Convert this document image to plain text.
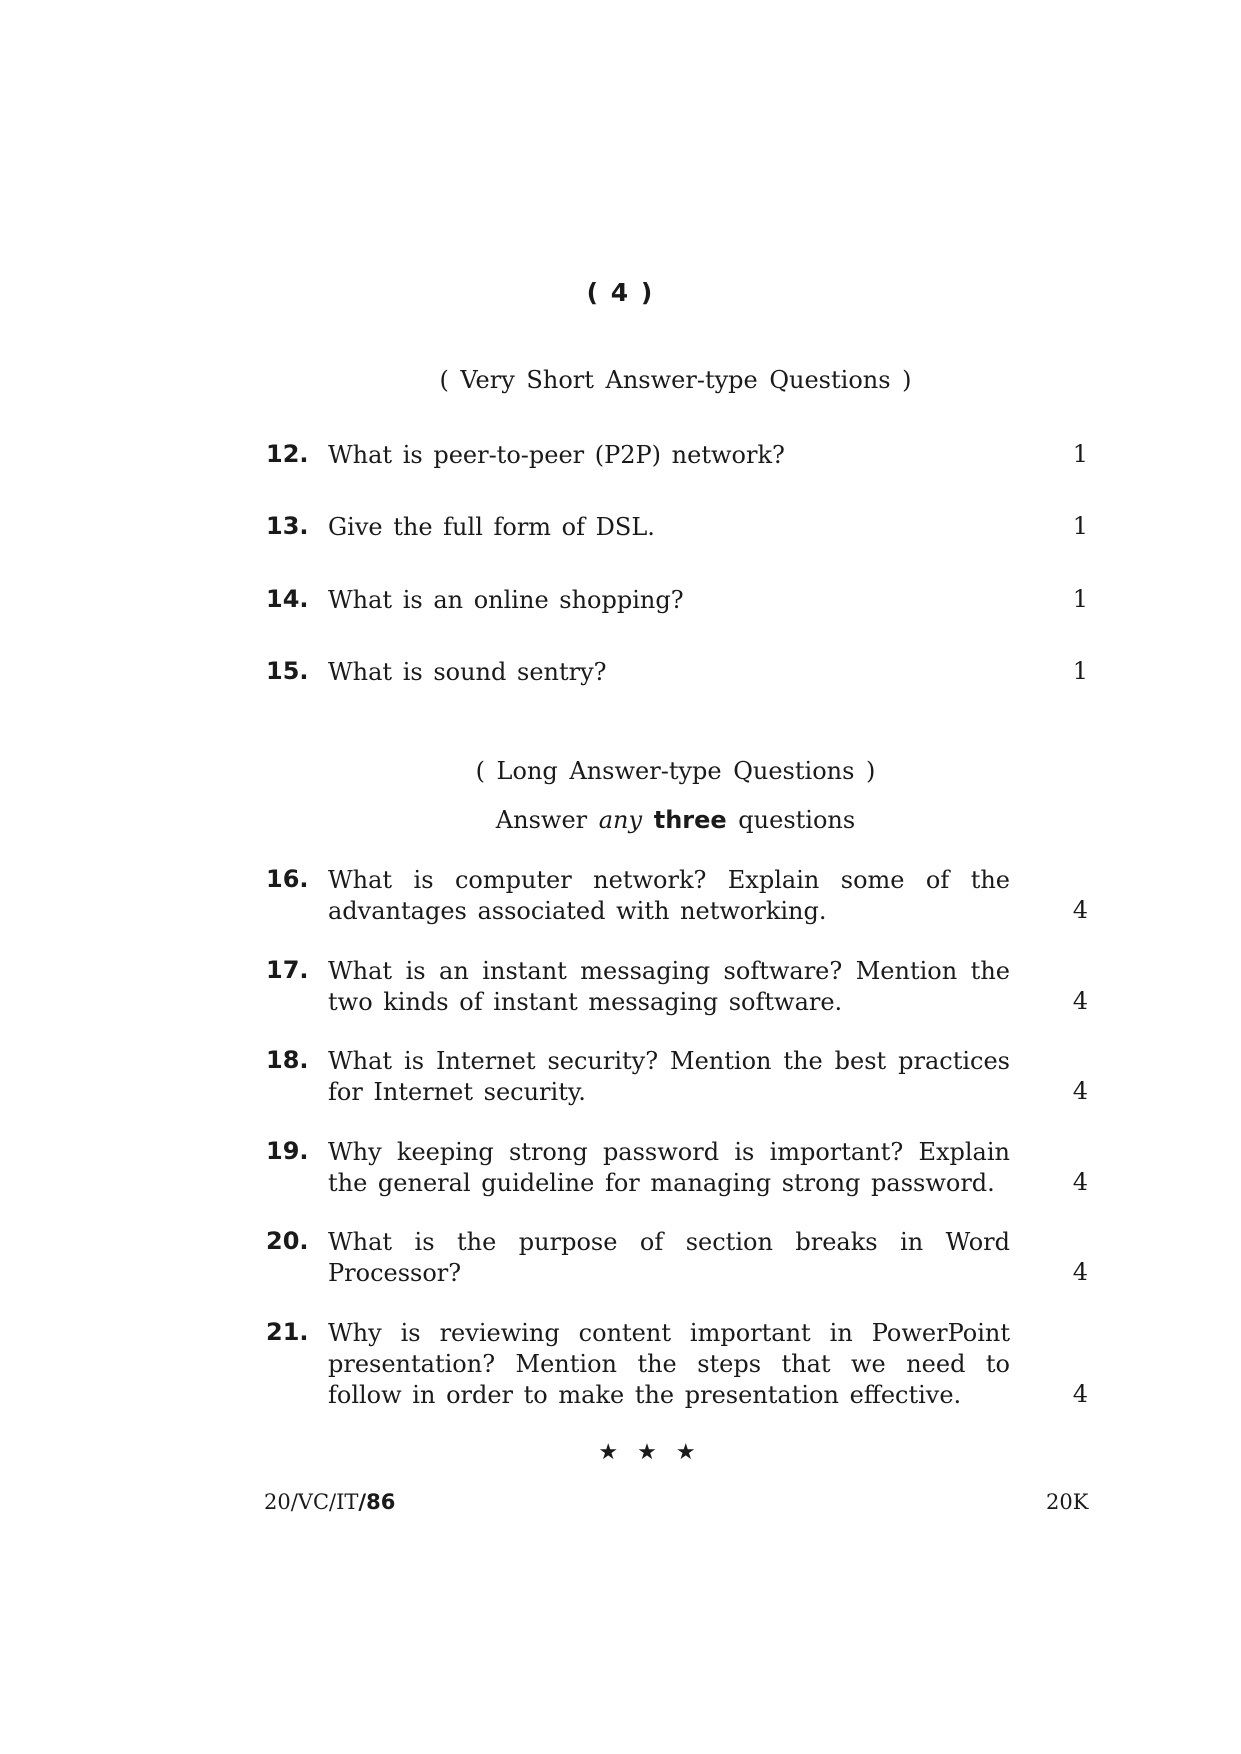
( 4 )
( Very Short Answer-type Questions )
12. What is peer-to-peer (P2P) network?	1
13. Give the full form of DSL.	1
14. What is an online shopping?	1
15. What is sound sentry?	1
( Long Answer-type Questions )
Answer any three questions
16. What is computer network? Explain some of the advantages associated with networking.	4
17. What is an instant messaging software? Mention the two kinds of instant messaging software.	4
18. What is Internet security? Mention the best practices for Internet security.	4
19. Why keeping strong password is important? Explain the general guideline for managing strong password.	4
20. What is the purpose of section breaks in Word Processor?	4
21. Why is reviewing content important in PowerPoint presentation? Mention the steps that we need to follow in order to make the presentation effective.	4
★ ★ ★
20/VC/IT/86	20K
